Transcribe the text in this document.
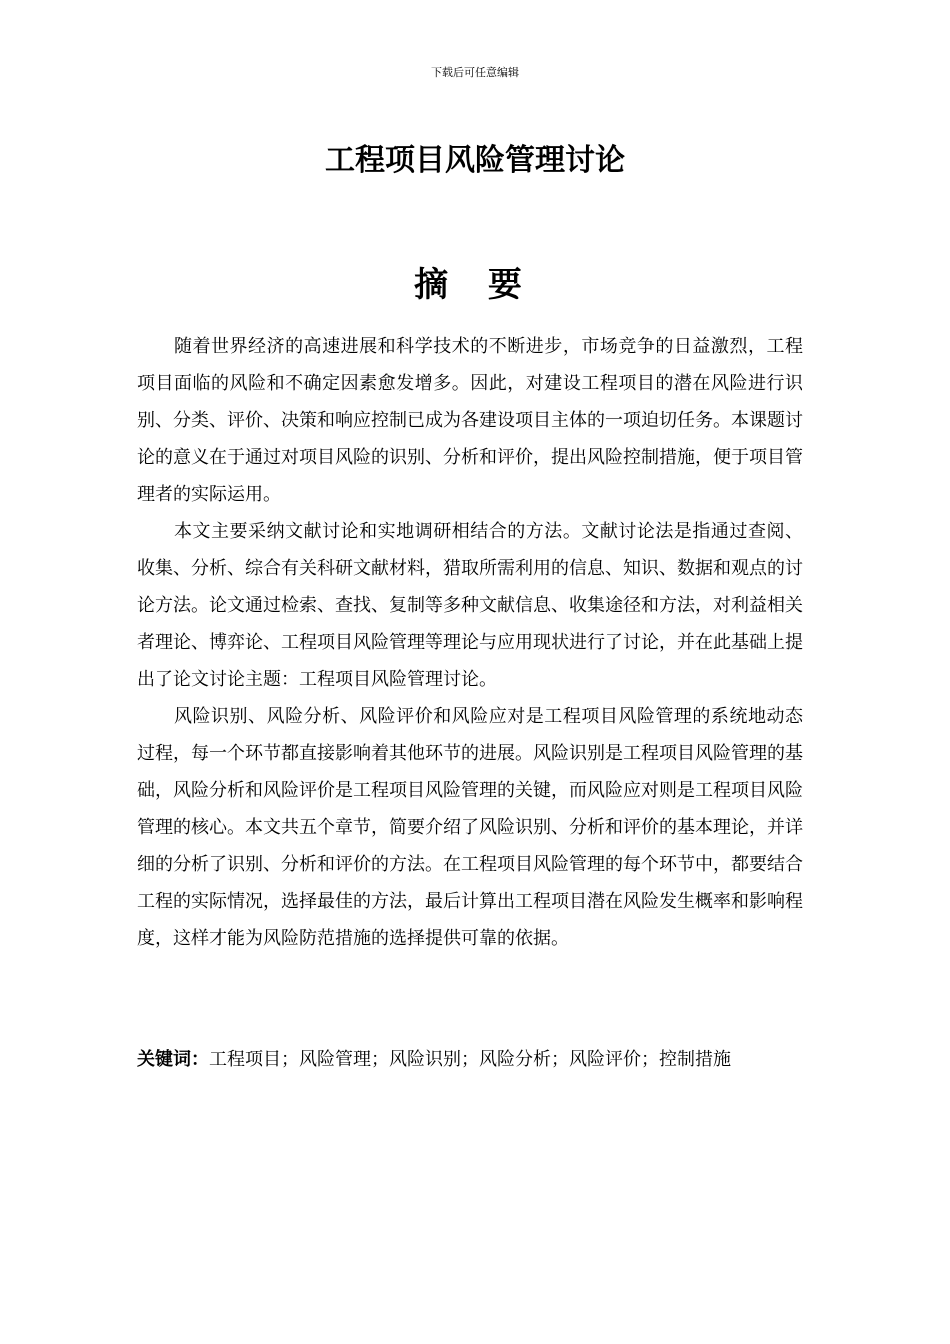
下载后可任意编辑
工程项目风险管理讨论
摘 要

随着世界经济的高速进展和科学技术的不断进步，市场竞争的日益激烈，工程项目面临的风险和不确定因素愈发增多。因此，对建设工程项目的潜在风险进行识别、分类、评价、决策和响应控制已成为各建设项目主体的一项迫切任务。本课题讨论的意义在于通过对项目风险的识别、分析和评价，提出风险控制措施，便于项目管理者的实际运用。

本文主要采纳文献讨论和实地调研相结合的方法。文献讨论法是指通过查阅、收集、分析、综合有关科研文献材料，猎取所需利用的信息、知识、数据和观点的讨论方法。论文通过检索、查找、复制等多种文献信息、收集途径和方法，对利益相关者理论、博弈论、工程项目风险管理等理论与应用现状进行了讨论，并在此基础上提出了论文讨论主题：工程项目风险管理讨论。

风险识别、风险分析、风险评价和风险应对是工程项目风险管理的系统地动态过程，每一个环节都直接影响着其他环节的进展。风险识别是工程项目风险管理的基础，风险分析和风险评价是工程项目风险管理的关键，而风险应对则是工程项目风险管理的核心。本文共五个章节，简要介绍了风险识别、分析和评价的基本理论，并详细的分析了识别、分析和评价的方法。在工程项目风险管理的每个环节中，都要结合工程的实际情况，选择最佳的方法，最后计算出工程项目潜在风险发生概率和影响程度，这样才能为风险防范措施的选择提供可靠的依据。

关键词：工程项目；风险管理；风险识别；风险分析；风险评价；控制措施
